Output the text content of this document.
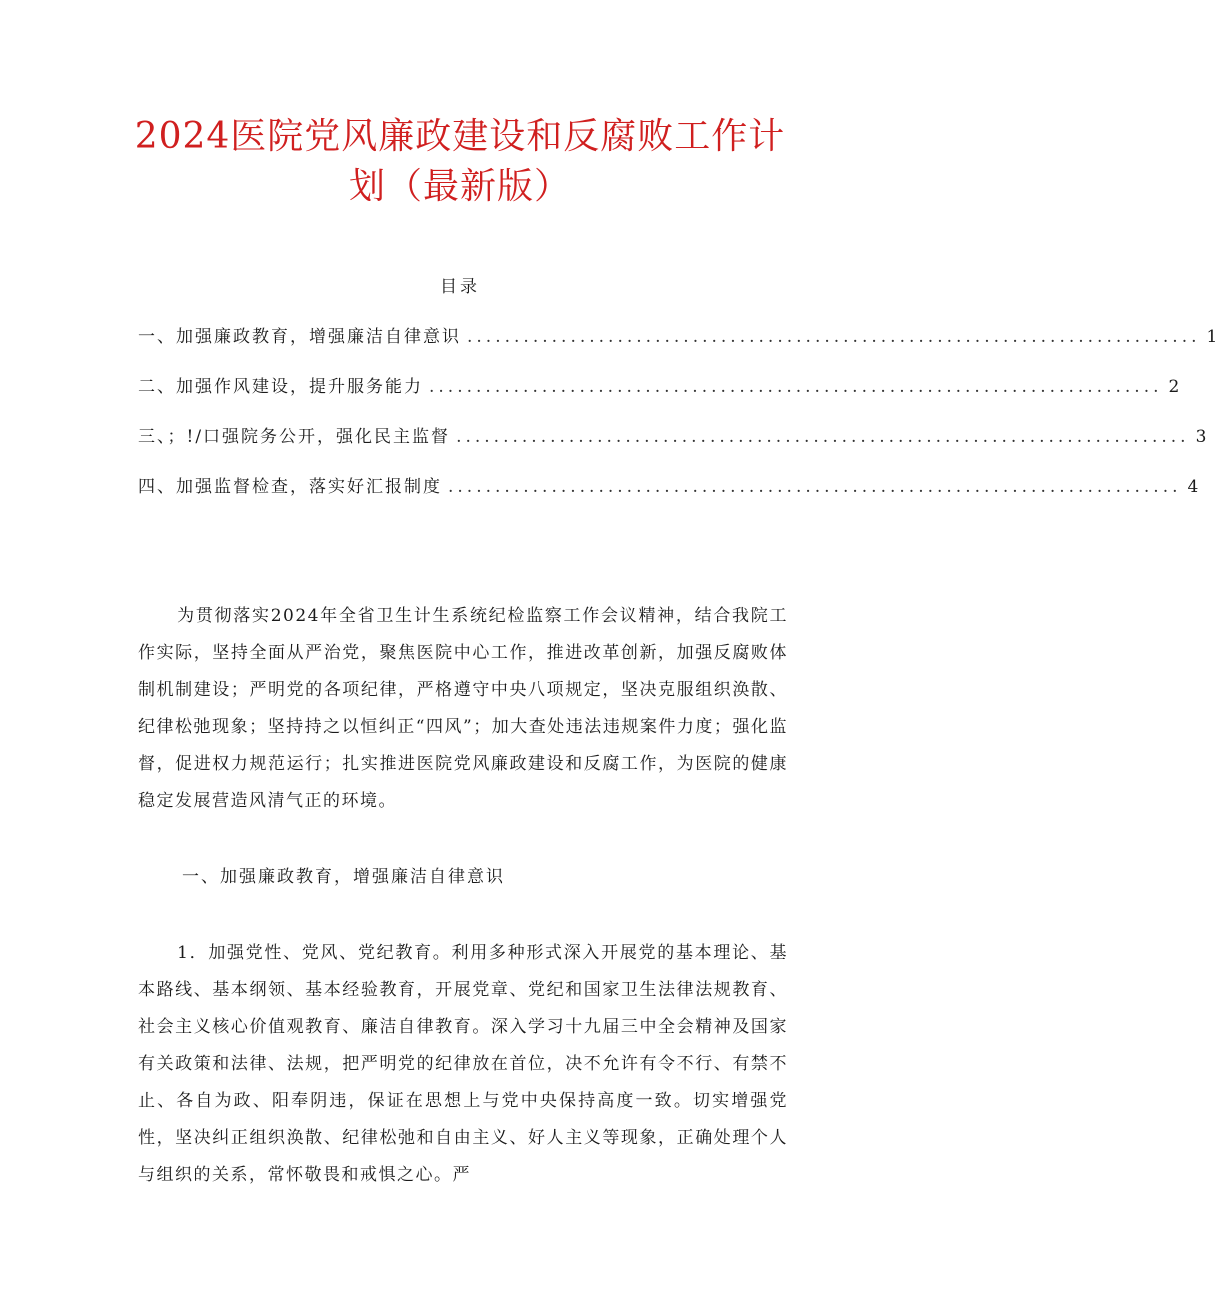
2024医院党风廉政建设和反腐败工作计
划（最新版）
目录
一、加强廉政教育，增强廉洁自律意识 .............................................................................. 1
二、加强作风建设，提升服务能力 .............................................................................. 2
三、；!/口强院务公开，强化民主监督 .............................................................................. 3
四、加强监督检查，落实好汇报制度 .............................................................................. 4

为贯彻落实2024年全省卫生计生系统纪检监察工作会议精神，结合我院工作实际，坚持全面从严治党，聚焦医院中心工作，推进改革创新，加强反腐败体制机制建设；严明党的各项纪律，严格遵守中央八项规定，坚决克服组织涣散、纪律松弛现象；坚持持之以恒纠正“四风”；加大查处违法违规案件力度；强化监督，促进权力规范运行；扎实推进医院党风廉政建设和反腐工作，为医院的健康稳定发展营造风清气正的环境。

一、加强廉政教育，增强廉洁自律意识

1．加强党性、党风、党纪教育。利用多种形式深入开展党的基本理论、基本路线、基本纲领、基本经验教育，开展党章、党纪和国家卫生法律法规教育、社会主义核心价值观教育、廉洁自律教育。深入学习十九届三中全会精神及国家有关政策和法律、法规，把严明党的纪律放在首位，决不允许有令不行、有禁不止、各自为政、阳奉阴违，保证在思想上与党中央保持高度一致。切实增强党性，坚决纠正组织涣散、纪律松弛和自由主义、好人主义等现象，正确处理个人与组织的关系，常怀敬畏和戒惧之心。严
